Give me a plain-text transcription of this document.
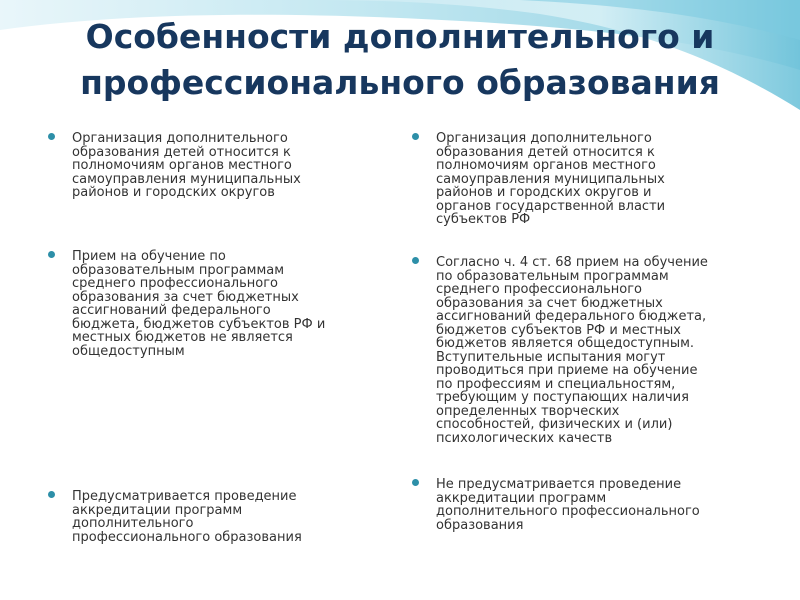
Особенности дополнительного и профессионального образования
Организация дополнительного
образования детей относится к
полномочиям органов местного
самоуправления муниципальных
районов и городских округов
Прием на обучение по
образовательным программам
среднего профессионального
образования за счет бюджетных
ассигнований федерального
бюджета, бюджетов субъектов РФ и
местных бюджетов не является
общедоступным
Предусматривается проведение
аккредитации программ
дополнительного
профессионального образования
Организация дополнительного
образования детей относится к
полномочиям органов местного
самоуправления муниципальных
районов и городских округов и
органов государственной власти
субъектов РФ
Согласно ч. 4 ст. 68 прием на обучение
по образовательным программам
среднего профессионального
образования за счет бюджетных
ассигнований федерального бюджета,
бюджетов субъектов РФ и местных
бюджетов является общедоступным.
Вступительные испытания могут
проводиться при приеме на обучение
по профессиям и специальностям,
требующим у поступающих наличия
определенных творческих
способностей, физических и (или)
психологических качеств
Не предусматривается проведение
аккредитации программ
дополнительного профессионального
образования
